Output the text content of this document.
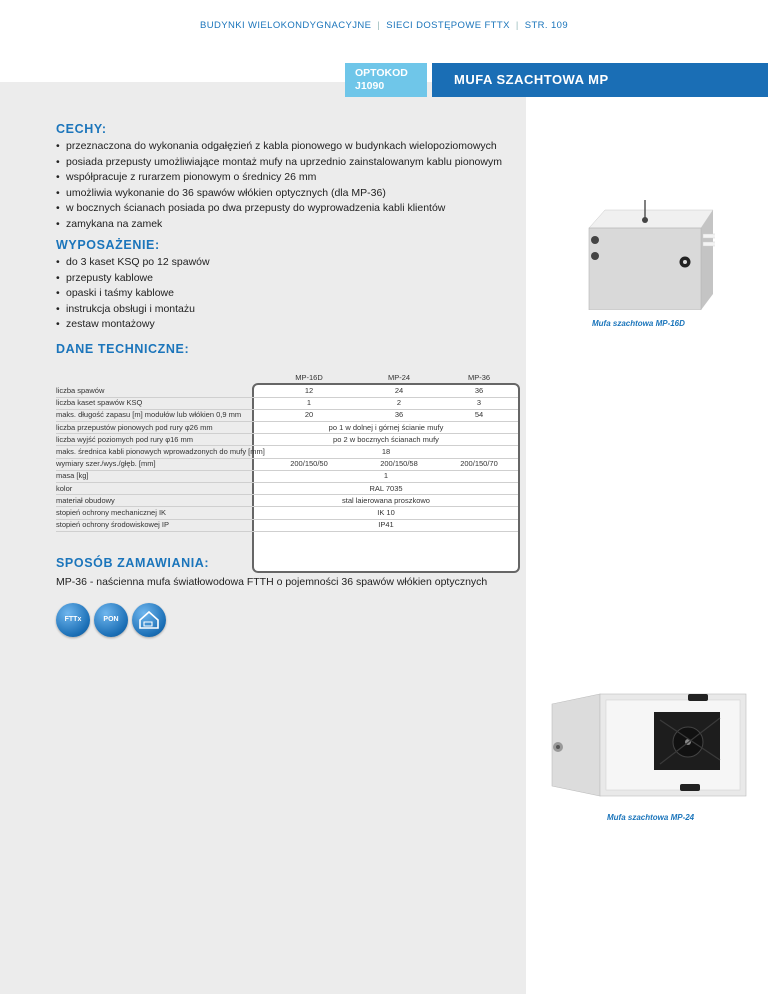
BUDYNKI WIELOKONDYGNACYJNE | SIECI DOSTĘPOWE FTTX | STR. 109
OPTOKOD
J1090	MUFA SZACHTOWA MP
CECHY:
• przeznaczona do wykonania odgałęzień z kabla pionowego w budynkach wielopoziomowych
• posiada przepusty umożliwiające montaż mufy na uprzednio zainstalowanym kablu pionowym
• współpracuje z rurarzem pionowym o średnicy 26 mm
• umożliwia wykonanie do 36 spawów włókien optycznych (dla MP-36)
• w bocznych ścianach posiada po dwa przepusty do wyprowadzenia kabli klientów
• zamykana na zamek
WYPOSAŻENIE:
• do 3 kaset KSQ po 12 spawów
• przepusty kablowe
• opaski i taśmy kablowe
• instrukcja obsługi i montażu
• zestaw montażowy
DANE TECHNICZNE:
MP-16D	MP-24	MP-36
liczba spawów	12	24	36
liczba kaset spawów KSQ	1	2	3
maks. długość zapasu [m] modułów lub włókien 0,9 mm	20	36	54
liczba przepustów pionowych pod rury φ26 mm	po 1 w dolnej i górnej ścianie mufy
liczba wyjść poziomych pod rury φ16 mm	po 2 w bocznych ścianach mufy
maks. średnica kabli pionowych wprowadzonych do mufy [mm]	18
wymiary szer./wys./głęb. [mm]	200/150/50	200/150/58	200/150/70
masa [kg]	1
kolor	RAL 7035
materiał obudowy	stal laierowana proszkowo
stopień ochrony mechanicznej IK	IK 10
stopień ochrony środowiskowej IP	IP41
SPOSÓB ZAMAWIANIA:
MP-36 - naścienna mufa światłowodowa FTTH o pojemności 36 spawów włókien optycznych
FTTx	PON
Mufa szachtowa MP-16D
Mufa szachtowa MP-24
